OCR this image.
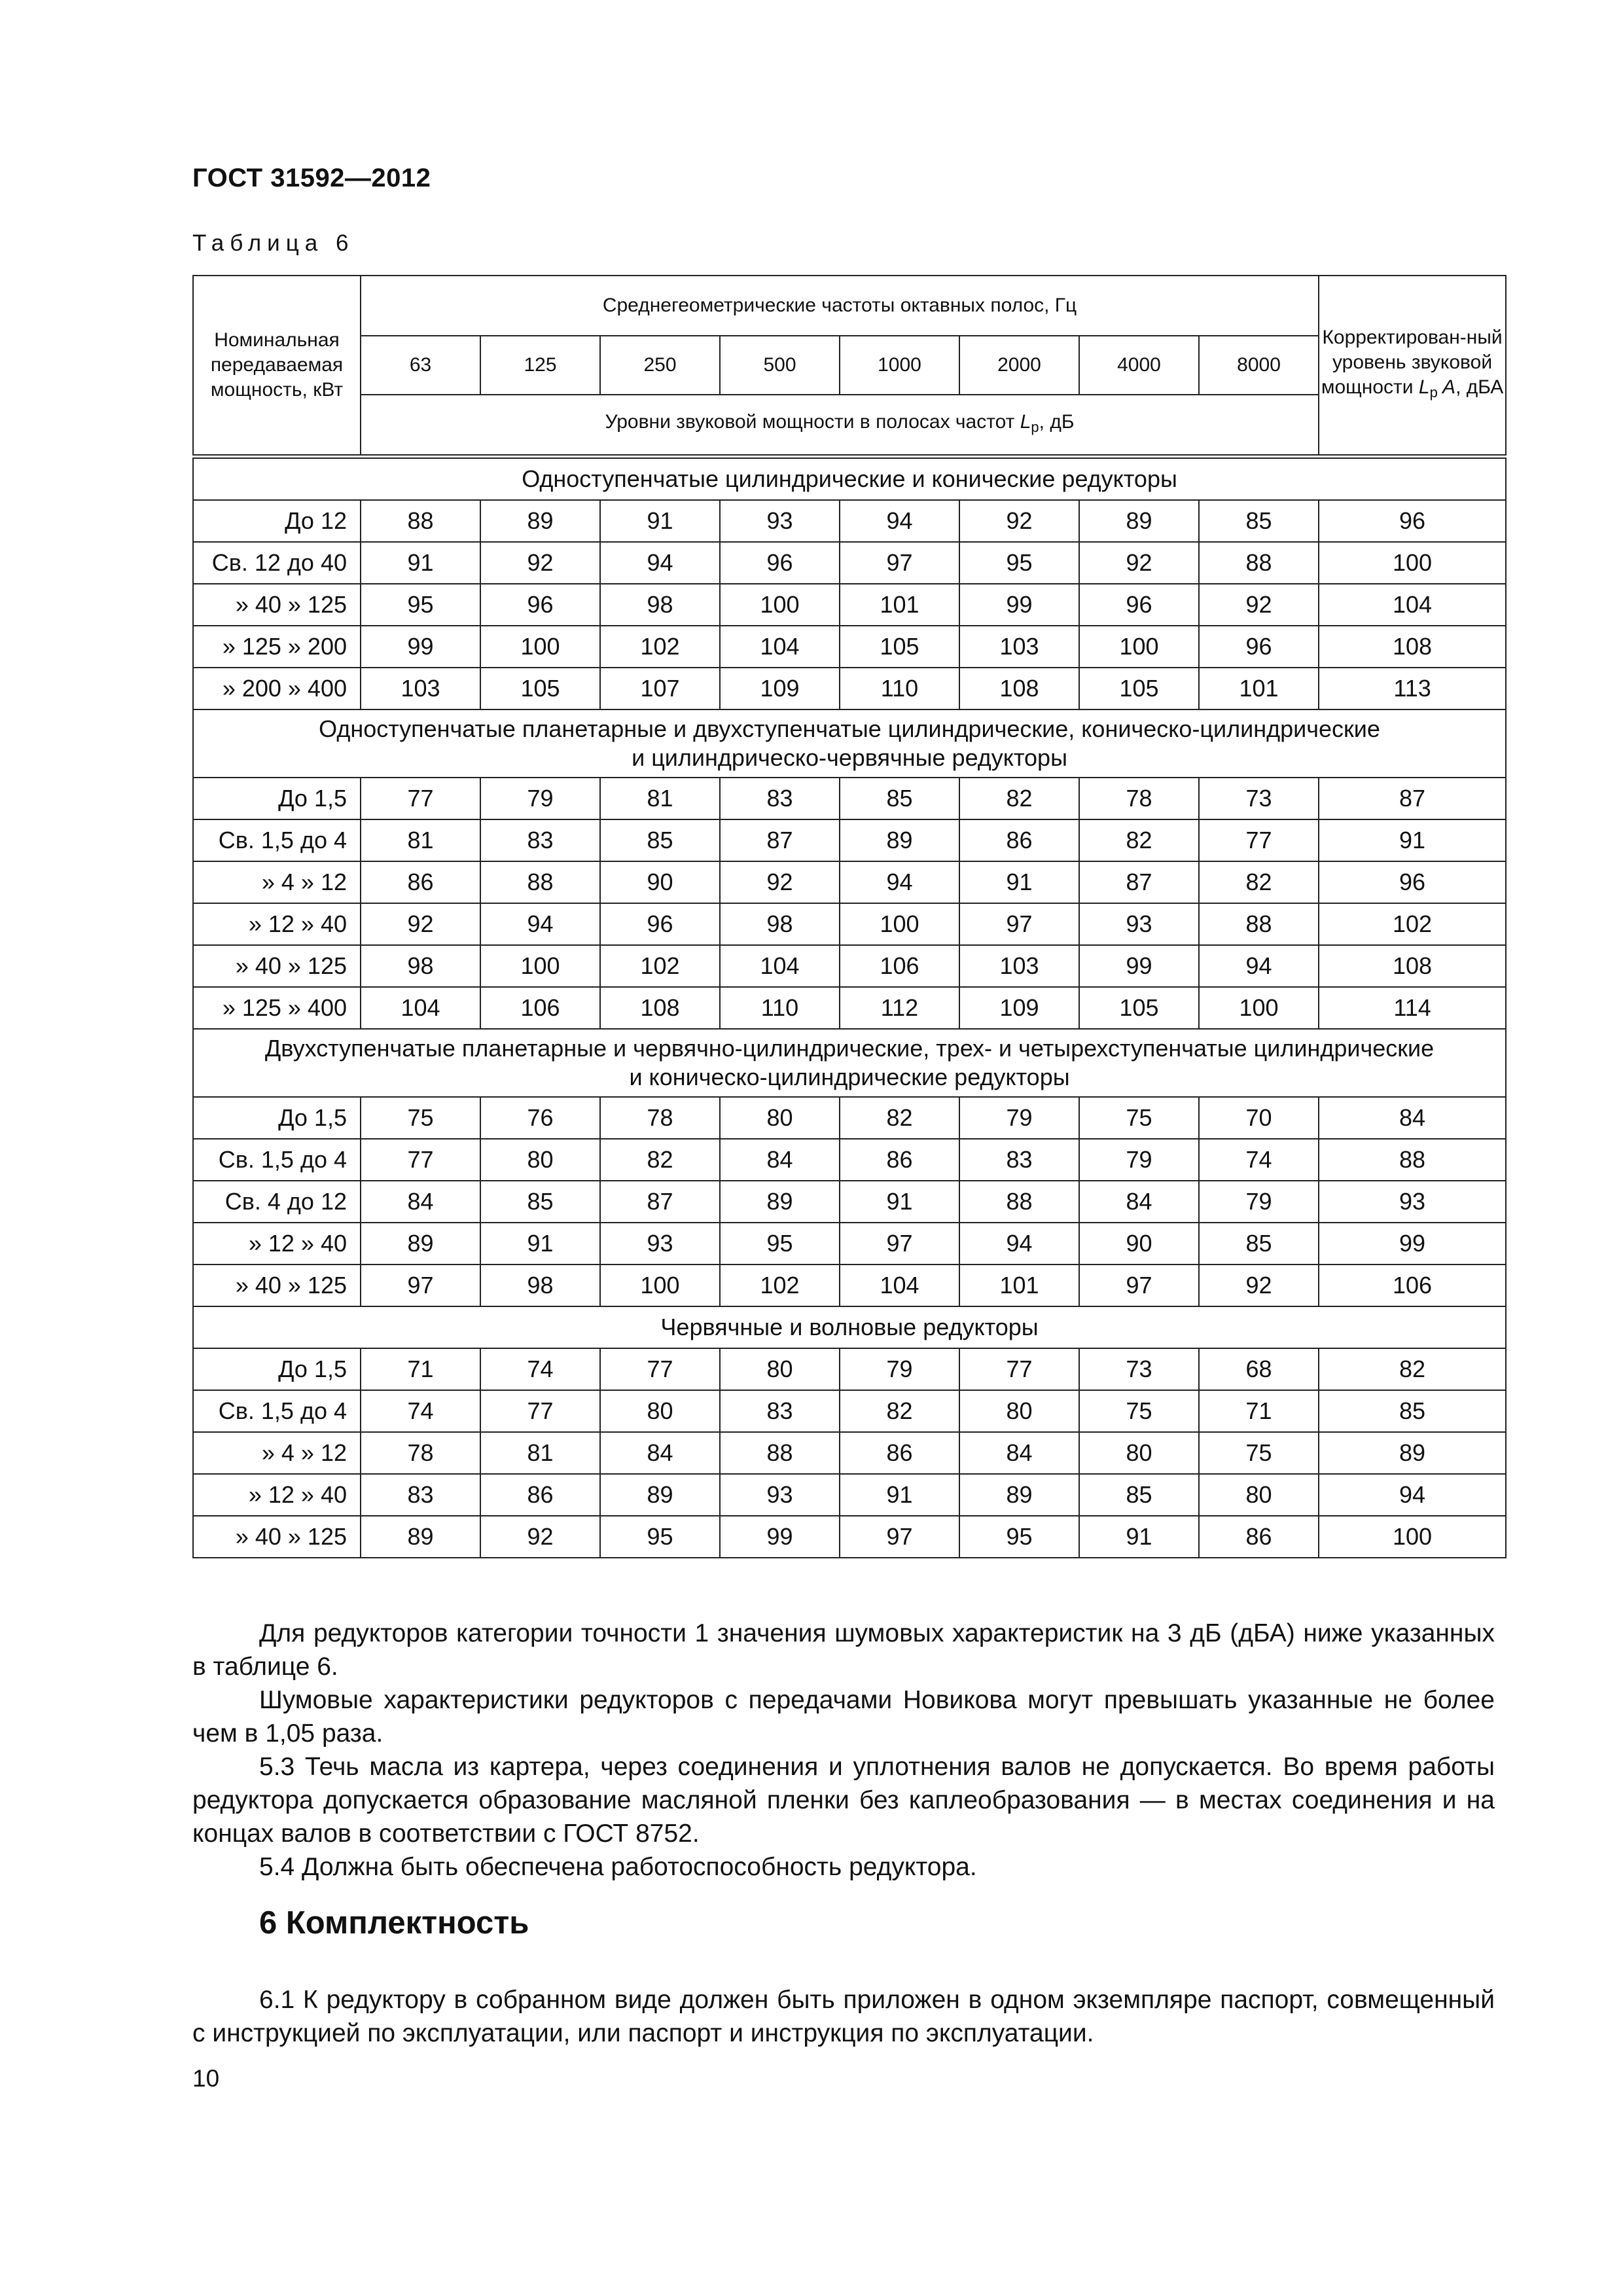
ГОСТ 31592—2012
Таблица 6
Номинальная передаваемая мощность, кВт	Среднегеометрические частоты октавных полос, Гц								Корректирован-ный уровень звуковой мощности $L_p$ A, дБА
	63	125	250	500	1000	2000	4000	8000	
	Уровни звуковой мощности в полосах частот $L_p$, дБ								

Одноступенчатые цилиндрические и конические редукторы									
До 12	88	89	91	93	94	92	89	85	96
Св. 12 до 40	91	92	94	96	97	95	92	88	100
» 40 » 125	95	96	98	100	101	99	96	92	104
» 125 » 200	99	100	102	104	105	103	100	96	108
» 200 » 400	103	105	107	109	110	108	105	101	113
Одноступенчатые планетарные и двухступенчатые цилиндрические, коническо-цилиндрические
и цилиндрическо-червячные редукторы									
До 1,5	77	79	81	83	85	82	78	73	87
Св. 1,5 до 4	81	83	85	87	89	86	82	77	91
» 4 » 12	86	88	90	92	94	91	87	82	96
» 12 » 40	92	94	96	98	100	97	93	88	102
» 40 » 125	98	100	102	104	106	103	99	94	108
» 125 » 400	104	106	108	110	112	109	105	100	114
Двухступенчатые планетарные и червячно-цилиндрические, трех- и четырехступенчатые цилиндрические
и коническо-цилиндрические редукторы									
До 1,5	75	76	78	80	82	79	75	70	84
Св. 1,5 до 4	77	80	82	84	86	83	79	74	88
Св. 4 до 12	84	85	87	89	91	88	84	79	93
» 12 » 40	89	91	93	95	97	94	90	85	99
» 40 » 125	97	98	100	102	104	101	97	92	106
Червячные и волновые редукторы									
До 1,5	71	74	77	80	79	77	73	68	82
Св. 1,5 до 4	74	77	80	83	82	80	75	71	85
» 4 » 12	78	81	84	88	86	84	80	75	89
» 12 » 40	83	86	89	93	91	89	85	80	94
» 40 » 125	89	92	95	99	97	95	91	86	100

Для редукторов категории точности 1 значения шумовых характеристик на 3 дБ (дБА) ниже указанных в таблице 6.

Шумовые характеристики редукторов с передачами Новикова могут превышать указанные не более чем в 1,05 раза.

5.3 Течь масла из картера, через соединения и уплотнения валов не допускается. Во время работы редуктора допускается образование масляной пленки без каплеобразования — в местах соединения и на концах валов в соответствии с ГОСТ 8752.

5.4 Должна быть обеспечена работоспособность редуктора.

6 Комплектность

6.1 К редуктору в собранном виде должен быть приложен в одном экземпляре паспорт, совмещенный с инструкцией по эксплуатации, или паспорт и инструкция по эксплуатации.

10
